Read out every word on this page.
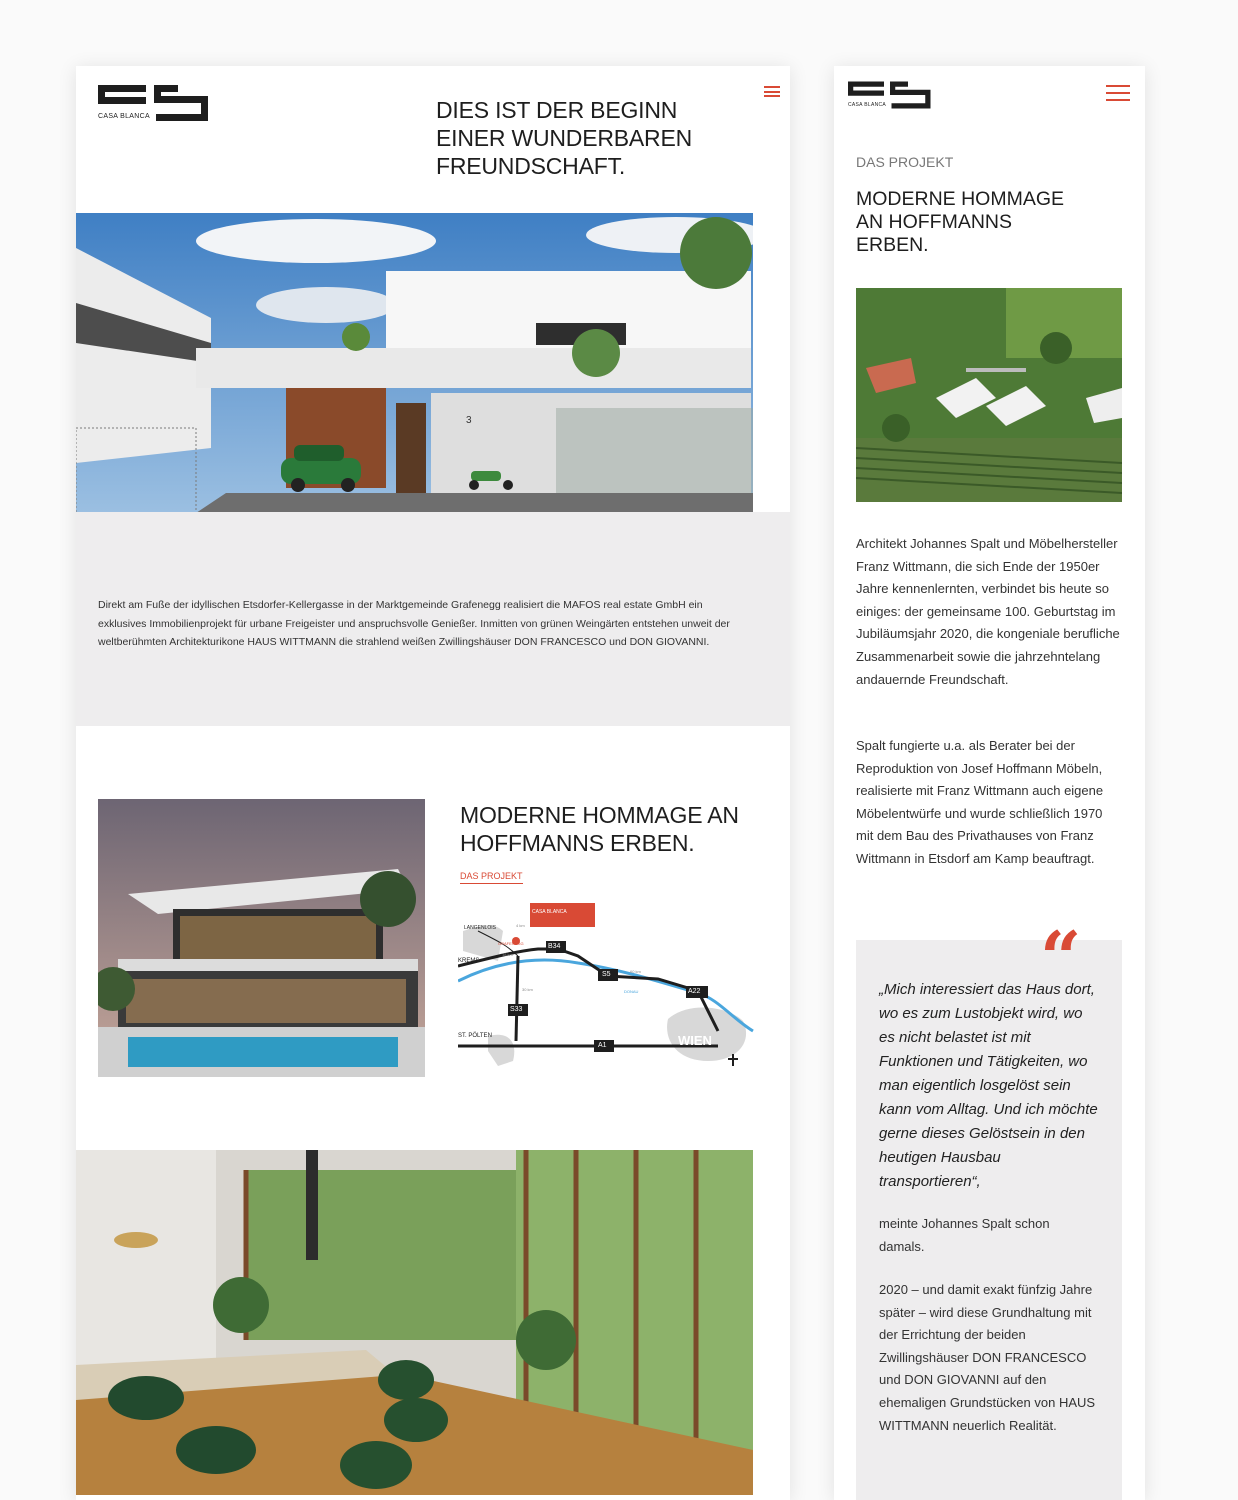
CASA BLANCA	DIES IST DER BEGINN
EINER WUNDERBAREN
FREUNDSCHAFT.
3
Direkt am Fuße der idyllischen Etsdorfer-Kellergasse in der Marktgemeinde Grafenegg realisiert die MAFOS real estate GmbH ein exklusives Immobilienprojekt für urbane Freigeister und anspruchsvolle Genießer. Inmitten von grünen Weingärten entstehen unweit der weltberühmten Architekturikone HAUS WITTMANN die strahlend weißen Zwillingshäuser DON FRANCESCO und DON GIOVANNI.
MODERNE HOMMAGE AN
HOFFMANNS ERBEN.
DAS PROJEKT
LANGENLOIS
KREMS
ST. PÖLTEN	WIEN
GRAFENEGG
DONAU
B34
S5
S33
A1
A22
4 km
18 km
30 km
60 km
CASA BLANCA
CASA BLANCA
DAS PROJEKT
MODERNE HOMMAGE
AN HOFFMANNS
ERBEN.
Architekt Johannes Spalt und Möbelhersteller Franz Wittmann, die sich Ende der 1950er Jahre kennenlernten, verbindet bis heute so einiges: der gemeinsame 100. Geburtstag im Jubiläumsjahr 2020, die kongeniale berufliche Zusammenarbeit sowie die jahrzehntelang andauernde Freundschaft.
Spalt fungierte u.a. als Berater bei der Reproduktion von Josef Hoffmann Möbeln, realisierte mit Franz Wittmann auch eigene Möbelentwürfe und wurde schließlich 1970 mit dem Bau des Privathauses von Franz Wittmann in Etsdorf am Kamp beauftragt.
“
„Mich interessiert das Haus dort, wo es zum Lustobjekt wird, wo es nicht belastet ist mit Funktionen und Tätigkeiten, wo man eigentlich losgelöst sein kann vom Alltag. Und ich möchte gerne dieses Gelöstsein in den heutigen Hausbau transportieren“,
meinte Johannes Spalt schon damals.
2020 – und damit exakt fünfzig Jahre später – wird diese Grundhaltung mit der Errichtung der beiden Zwillingshäuser DON FRANCESCO und DON GIOVANNI auf den ehemaligen Grundstücken von HAUS WITTMANN neuerlich Realität.
